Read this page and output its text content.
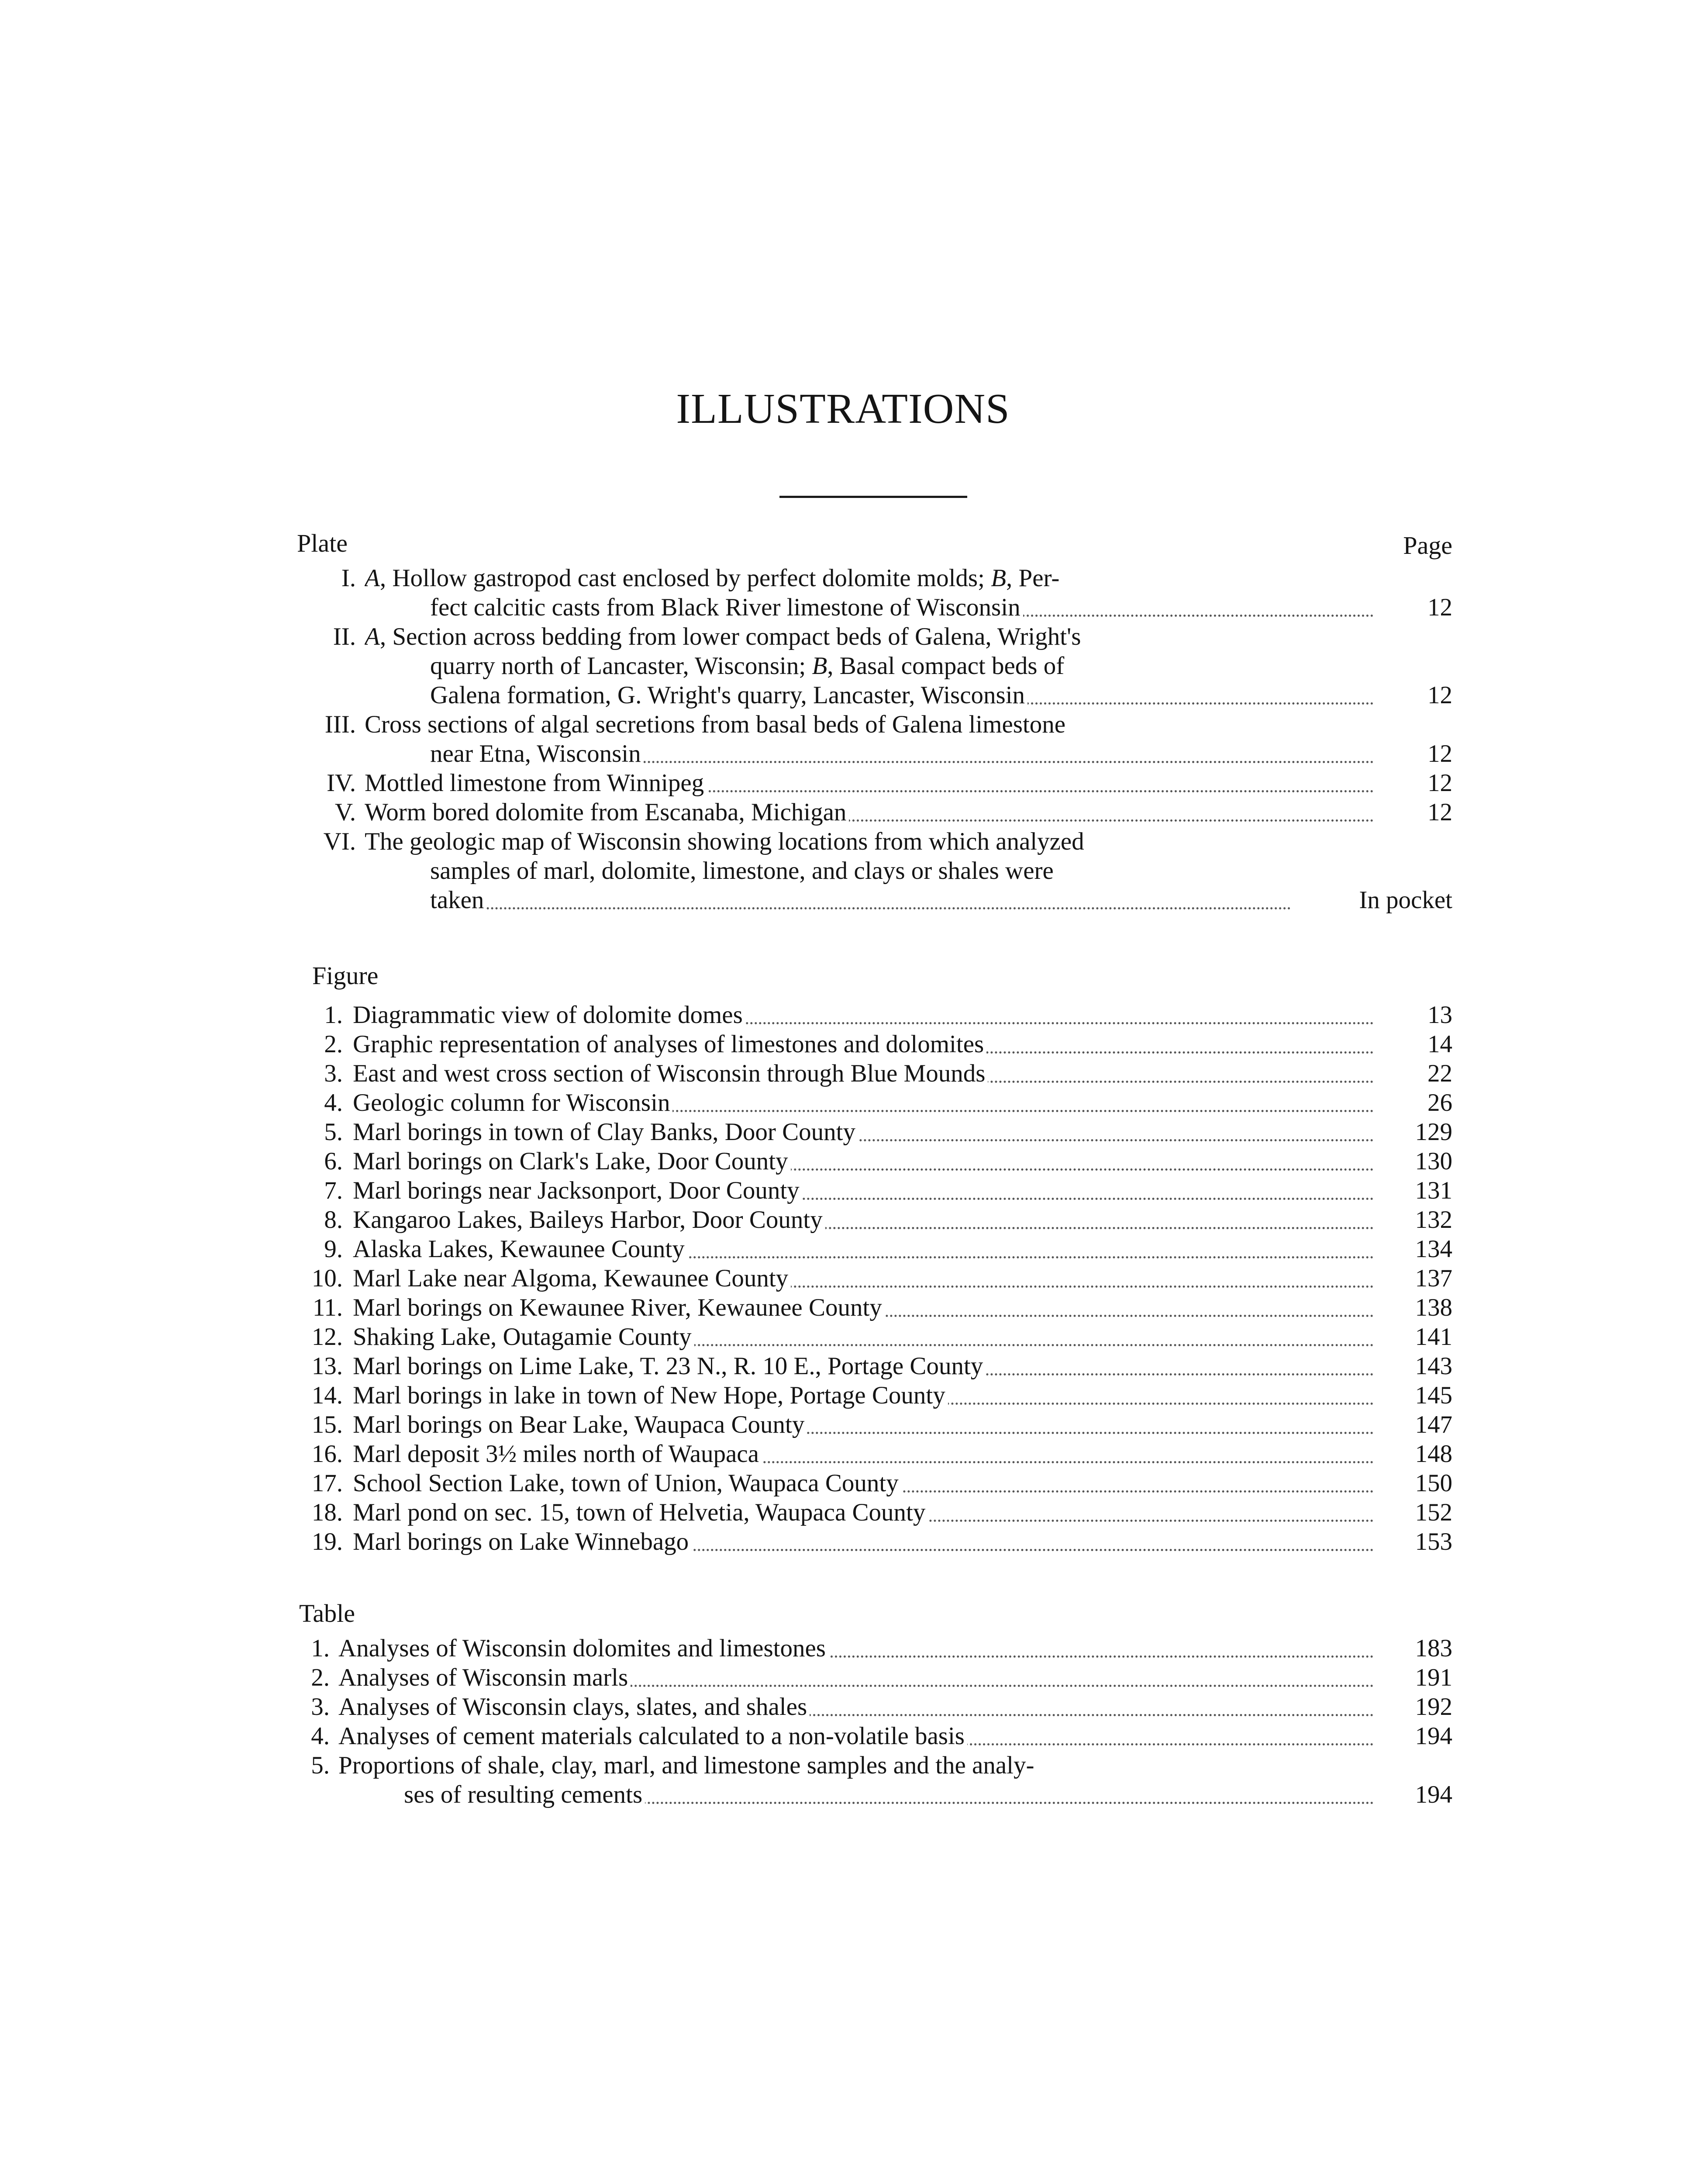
ILLUSTRATIONS
Plate	Page
I. A, Hollow gastropod cast enclosed by perfect dolomite molds; B, Per-
fect calcitic casts from Black River limestone of Wisconsin	12
II. A, Section across bedding from lower compact beds of Galena, Wright's
quarry north of Lancaster, Wisconsin; B, Basal compact beds of
Galena formation, G. Wright's quarry, Lancaster, Wisconsin	12
III. Cross sections of algal secretions from basal beds of Galena limestone
near Etna, Wisconsin	12
IV. Mottled limestone from Winnipeg	12
V. Worm bored dolomite from Escanaba, Michigan	12
VI. The geologic map of Wisconsin showing locations from which analyzed
samples of marl, dolomite, limestone, and clays or shales were
taken	In pocket
Figure
1. Diagrammatic view of dolomite domes	13
2. Graphic representation of analyses of limestones and dolomites	14
3. East and west cross section of Wisconsin through Blue Mounds	22
4. Geologic column for Wisconsin	26
5. Marl borings in town of Clay Banks, Door County	129
6. Marl borings on Clark's Lake, Door County	130
7. Marl borings near Jacksonport, Door County	131
8. Kangaroo Lakes, Baileys Harbor, Door County	132
9. Alaska Lakes, Kewaunee County	134
10. Marl Lake near Algoma, Kewaunee County	137
11. Marl borings on Kewaunee River, Kewaunee County	138
12. Shaking Lake, Outagamie County	141
13. Marl borings on Lime Lake, T. 23 N., R. 10 E., Portage County	143
14. Marl borings in lake in town of New Hope, Portage County	145
15. Marl borings on Bear Lake, Waupaca County	147
16. Marl deposit 3½ miles north of Waupaca	148
17. School Section Lake, town of Union, Waupaca County	150
18. Marl pond on sec. 15, town of Helvetia, Waupaca County	152
19. Marl borings on Lake Winnebago	153
Table
1. Analyses of Wisconsin dolomites and limestones	183
2. Analyses of Wisconsin marls	191
3. Analyses of Wisconsin clays, slates, and shales	192
4. Analyses of cement materials calculated to a non-volatile basis	194
5. Proportions of shale, clay, marl, and limestone samples and the analy-
ses of resulting cements	194
